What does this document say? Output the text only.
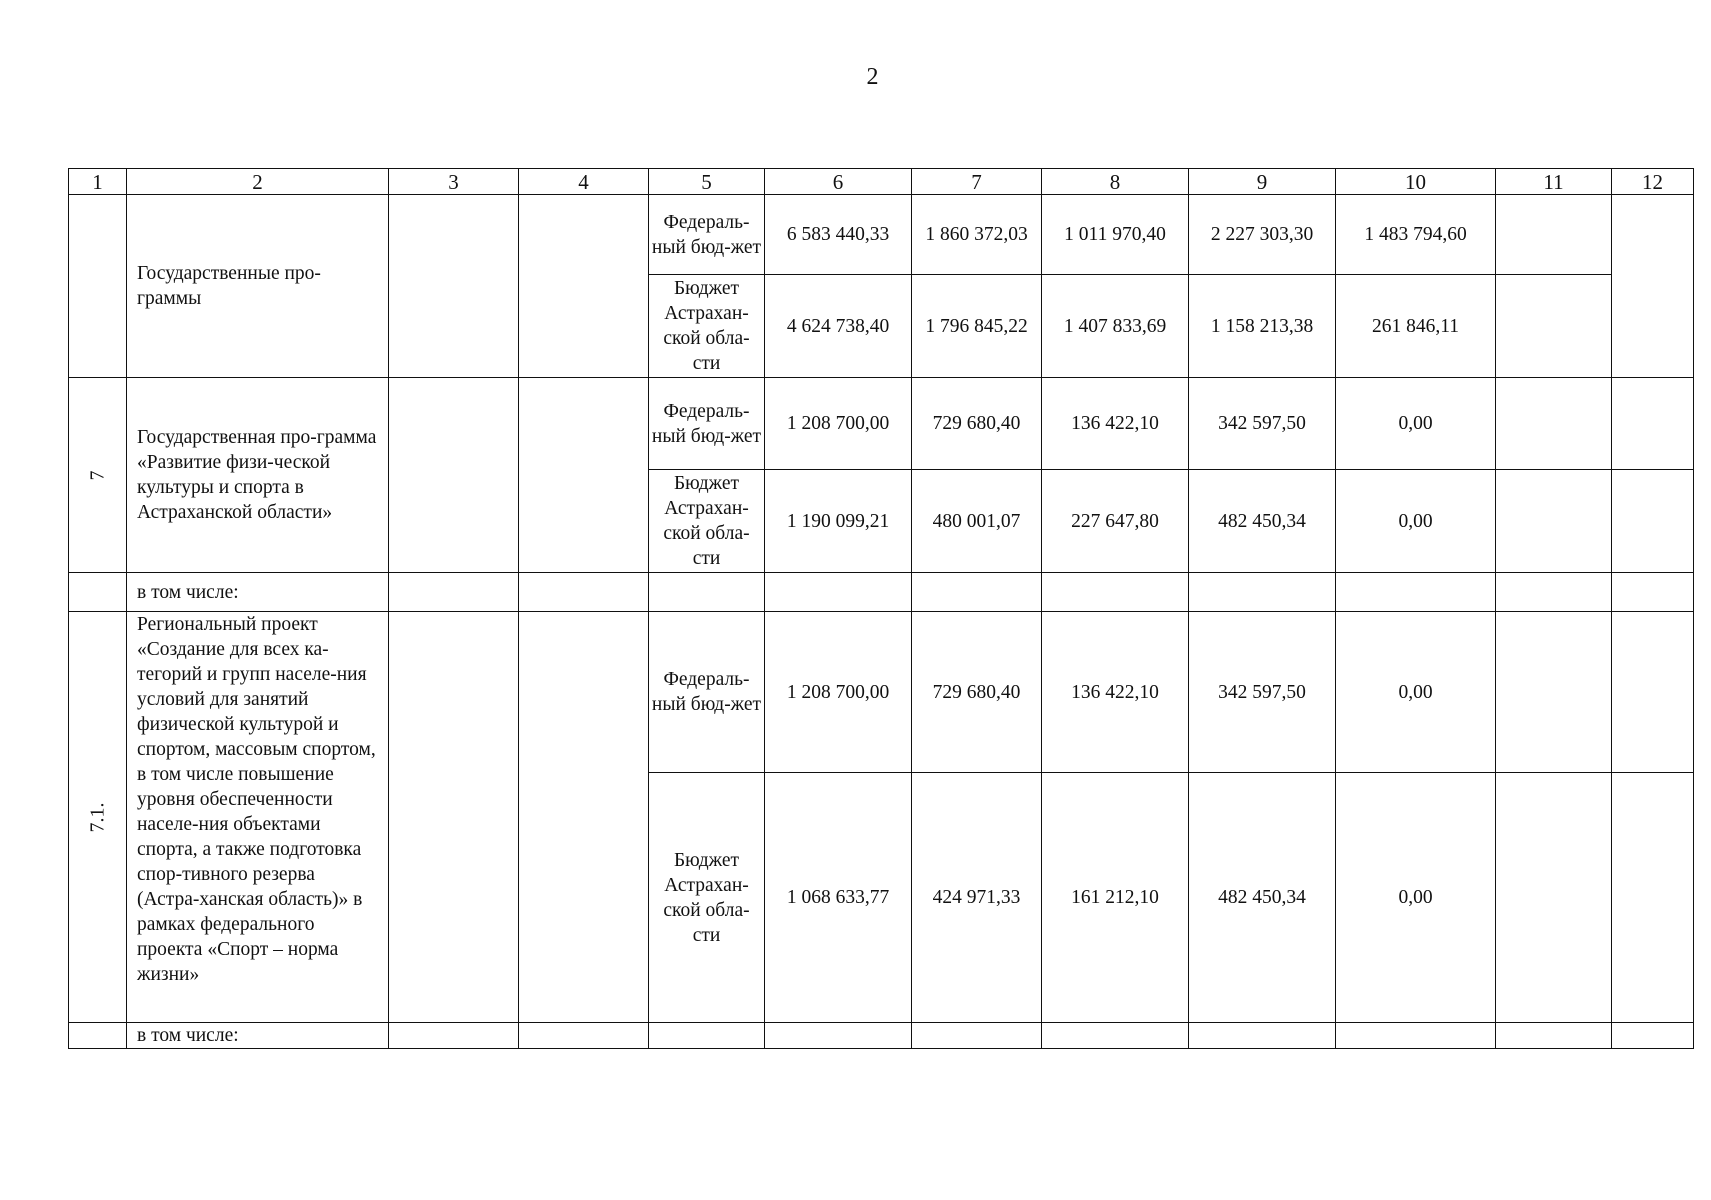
2
1	2	3	4	5	6	7	8	9	10	11	12
	Государственные про-граммы			Федераль-ный бюд-жет	6 583 440,33	1 860 372,03	1 011 970,40	2 227 303,30	1 483 794,60		
				Бюджет Астрахан-ской обла-сти	4 624 738,40	1 796 845,22	1 407 833,69	1 158 213,38	261 846,11		
7	Государственная про-грамма «Развитие физи-ческой культуры и спорта в Астраханской области»			Федераль-ный бюд-жет	1 208 700,00	729 680,40	136 422,10	342 597,50	0,00		
				Бюджет Астрахан-ской обла-сти	1 190 099,21	480 001,07	227 647,80	482 450,34	0,00		
	в том числе:										
7.1.	Региональный проект «Создание для всех ка-тегорий и групп населе-ния условий для занятий физической культурой и спортом, массовым спортом, в том числе повышение уровня обеспеченности населе-ния объектами спорта, а также подготовка спор-тивного резерва (Астра-ханская область)» в рамках федерального проекта «Спорт – норма жизни»			Федераль-ный бюд-жет	1 208 700,00	729 680,40	136 422,10	342 597,50	0,00		
				Бюджет Астрахан-ской обла-сти	1 068 633,77	424 971,33	161 212,10	482 450,34	0,00		
	в том числе:										
